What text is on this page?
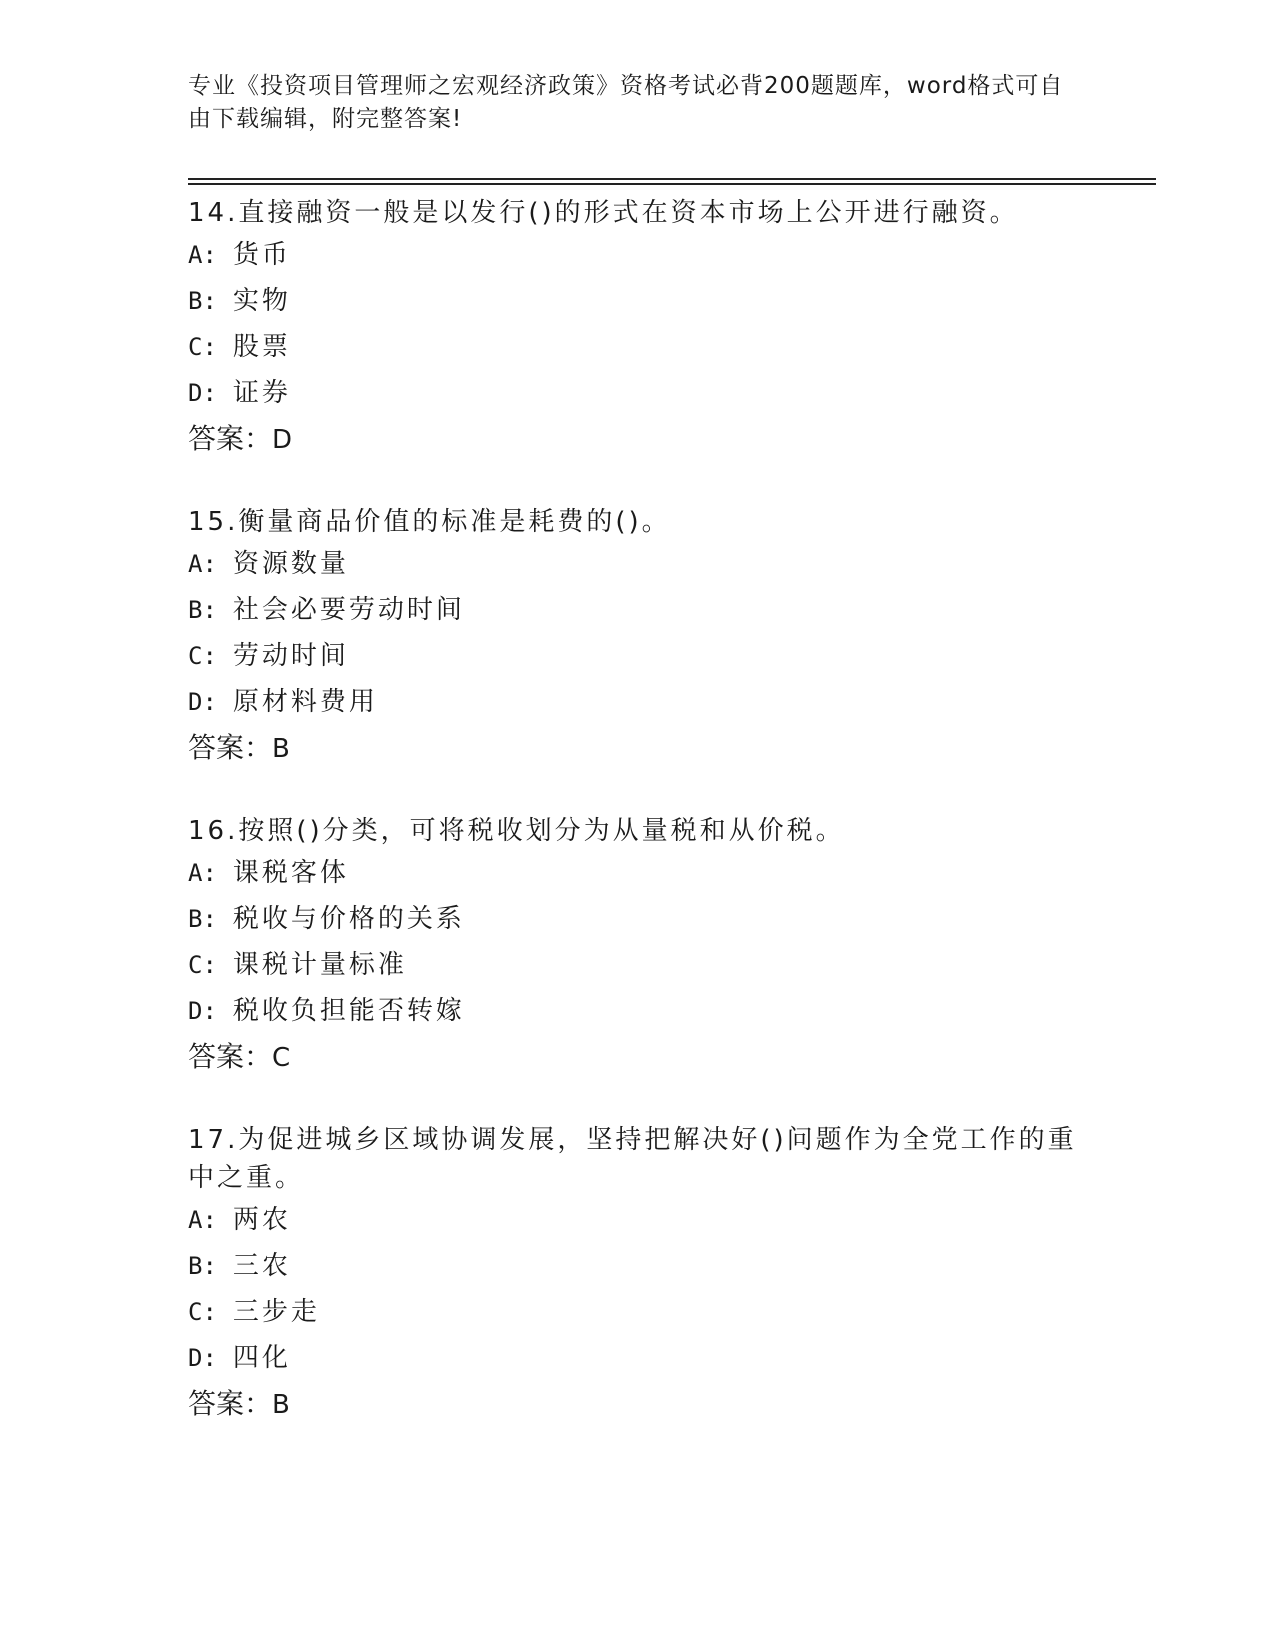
专业《投资项目管理师之宏观经济政策》资格考试必背200题题库，word格式可自由下载编辑，附完整答案!
14.直接融资一般是以发行()的形式在资本市场上公开进行融资。
A: 货币
B: 实物
C: 股票
D: 证券
答案：D
15.衡量商品价值的标准是耗费的()。
A: 资源数量
B: 社会必要劳动时间
C: 劳动时间
D: 原材料费用
答案：B
16.按照()分类，可将税收划分为从量税和从价税。
A: 课税客体
B: 税收与价格的关系
C: 课税计量标准
D: 税收负担能否转嫁
答案：C
17.为促进城乡区域协调发展，坚持把解决好()问题作为全党工作的重中之重。
A: 两农
B: 三农
C: 三步走
D: 四化
答案：B
